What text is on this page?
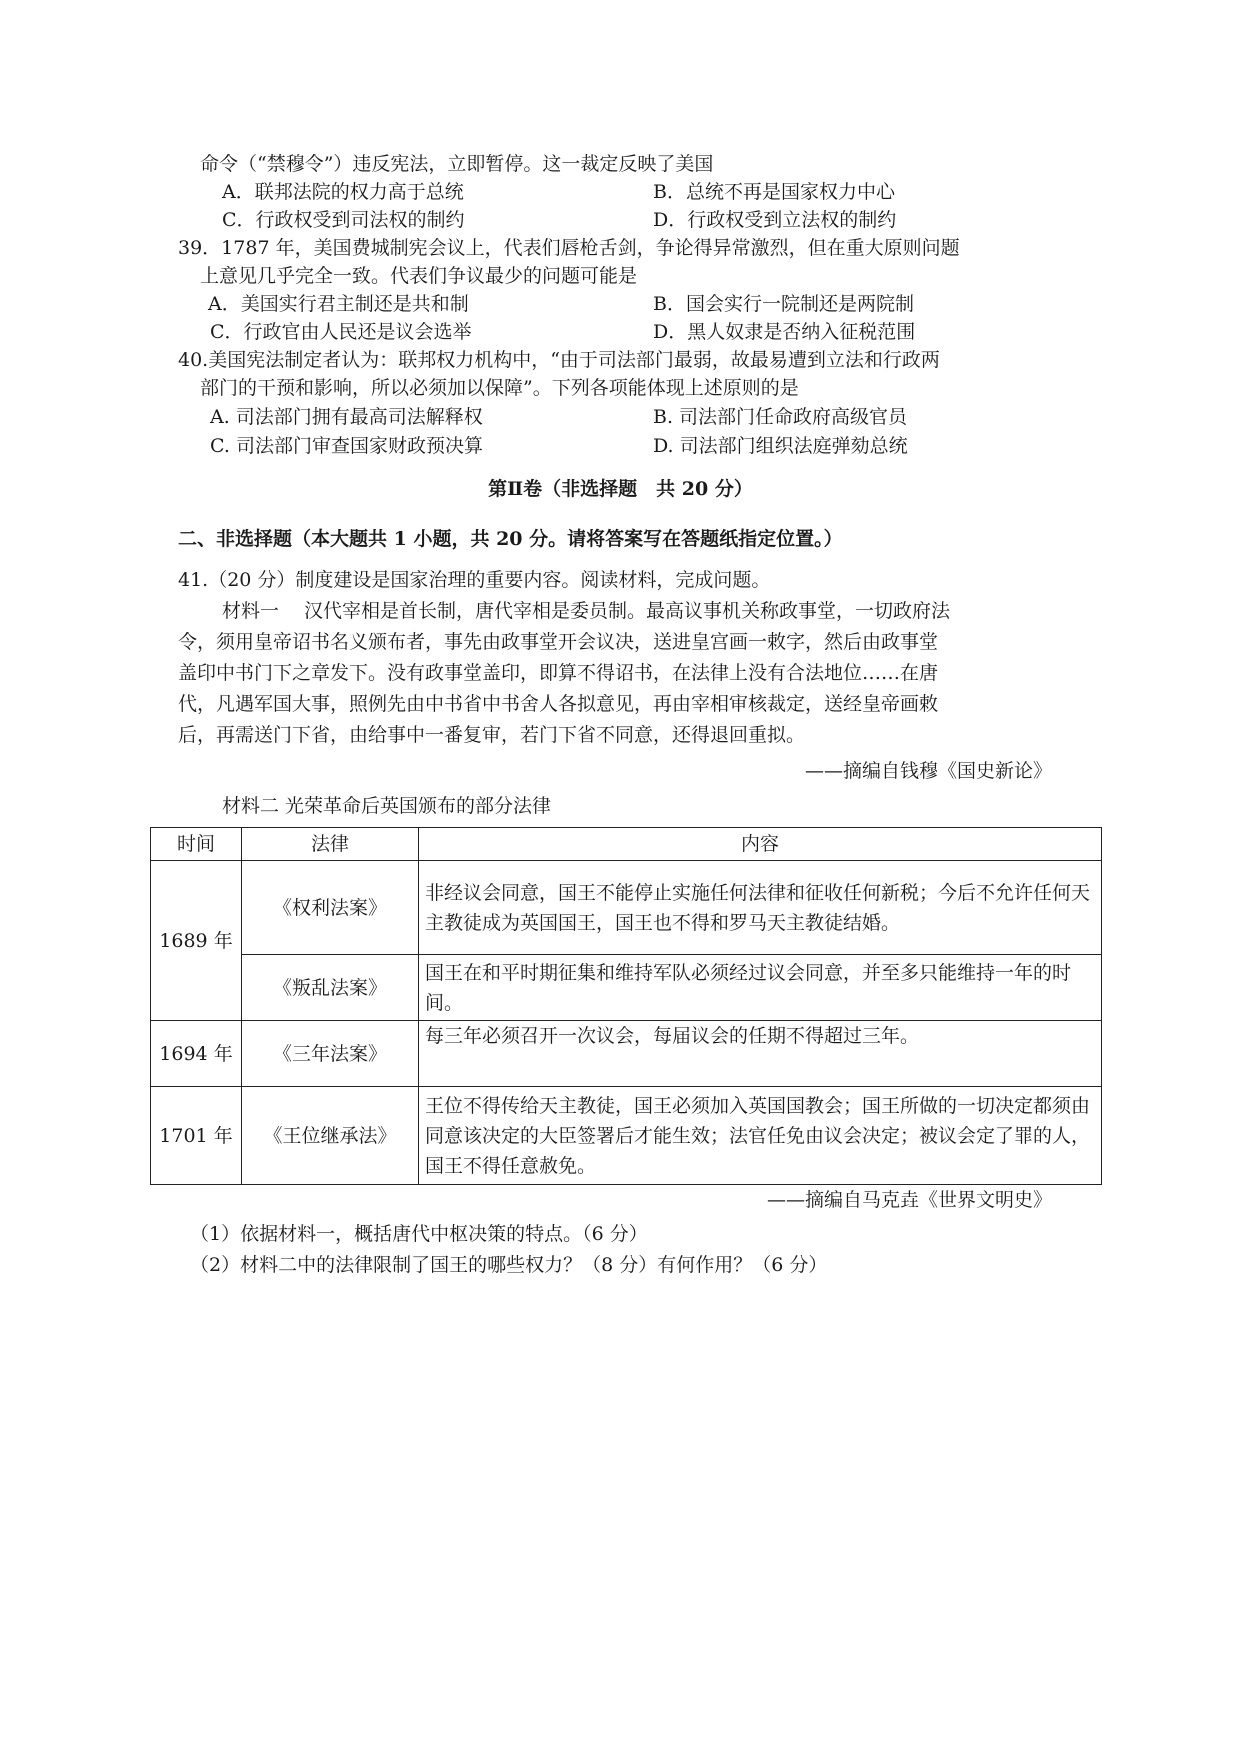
命令（“禁穆令”）违反宪法，立即暂停。这一裁定反映了美国
A．联邦法院的权力高于总统	B．总统不再是国家权力中心
C．行政权受到司法权的制约	D．行政权受到立法权的制约
39．1787 年，美国费城制宪会议上，代表们唇枪舌剑，争论得异常激烈，但在重大原则问题
上意见几乎完全一致。代表们争议最少的问题可能是
A．美国实行君主制还是共和制	B．国会实行一院制还是两院制
C．行政官由人民还是议会选举	D．黑人奴隶是否纳入征税范围
40.美国宪法制定者认为：联邦权力机构中，“由于司法部门最弱，故最易遭到立法和行政两
部门的干预和影响，所以必须加以保障”。下列各项能体现上述原则的是
A. 司法部门拥有最高司法解释权	B. 司法部门任命政府高级官员
C. 司法部门审查国家财政预决算	D. 司法部门组织法庭弹劾总统
第Ⅱ卷（非选择题　共 20 分）
二、非选择题（本大题共 1 小题，共 20 分。请将答案写在答题纸指定位置。）
41.（20 分）制度建设是国家治理的重要内容。阅读材料，完成问题。
材料一　 汉代宰相是首长制，唐代宰相是委员制。最高议事机关称政事堂，一切政府法
令，须用皇帝诏书名义颁布者，事先由政事堂开会议决，送进皇宫画一敕字，然后由政事堂
盖印中书门下之章发下。没有政事堂盖印，即算不得诏书，在法律上没有合法地位……在唐
代，凡遇军国大事，照例先由中书省中书舍人各拟意见，再由宰相审核裁定，送经皇帝画敕
后，再需送门下省，由给事中一番复审，若门下省不同意，还得退回重拟。
——摘编自钱穆《国史新论》
材料二 光荣革命后英国颁布的部分法律
时间	法律	内容
1689 年	《权利法案》	非经议会同意，国王不能停止实施任何法律和征收任何新税；今后不允许任何天主教徒成为英国国王，国王也不得和罗马天主教徒结婚。
	《叛乱法案》	国王在和平时期征集和维持军队必须经过议会同意，并至多只能维持一年的时间。
1694 年	《三年法案》	每三年必须召开一次议会，每届议会的任期不得超过三年。
1701 年	《王位继承法》	王位不得传给天主教徒，国王必须加入英国国教会；国王所做的一切决定都须由同意该决定的大臣签署后才能生效；法官任免由议会决定；被议会定了罪的人，国王不得任意赦免。
——摘编自马克垚《世界文明史》
（1）依据材料一，概括唐代中枢决策的特点。（6 分）
（2）材料二中的法律限制了国王的哪些权力？（8 分）有何作用？（6 分）
